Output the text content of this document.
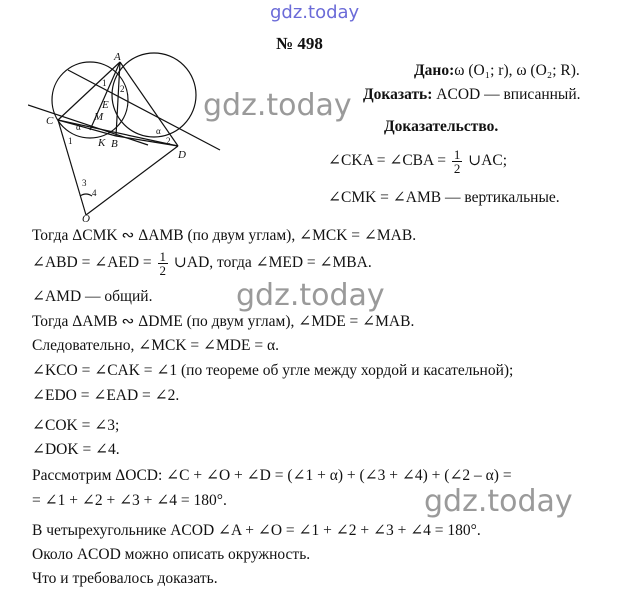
gdz.today
gdz.today
gdz.today
gdz.today
№ 498
A
B
C
D
E
M
K
O
1
2
3
4
α	α
1	2
Дано:ω (O₁; r), ω (O₂; R).
Доказать: ACOD — вписанный.
Доказательство.
∠CKA = ∠CBA = $\frac{1}{2}$ ∪AC;
∠CMK = ∠AMB — вертикальные.
Тогда ΔCMK ∾ ΔAMB (по двум углам), ∠MCK = ∠MAB.
∠ABD = ∠AED = $\frac{1}{2}$ ∪AD, тогда ∠MED = ∠MBA.
∠AMD — общий.
Тогда ΔAMB ∾ ΔDME (по двум углам), ∠MDE = ∠MAB.
Следовательно, ∠MCK = ∠MDE = α.
∠KCO = ∠CAK = ∠1 (по теореме об угле между хордой и касательной);
∠EDO = ∠EAD = ∠2.
∠COK = ∠3;
∠DOK = ∠4.
Рассмотрим ΔOCD: ∠C + ∠O + ∠D = (∠1 + α) + (∠3 + ∠4) + (∠2 – α) =
= ∠1 + ∠2 + ∠3 + ∠4 = 180°.
В четырехугольнике ACOD ∠A + ∠O = ∠1 + ∠2 + ∠3 + ∠4 = 180°.
Около ACOD можно описать окружность.
Что и требовалось доказать.
